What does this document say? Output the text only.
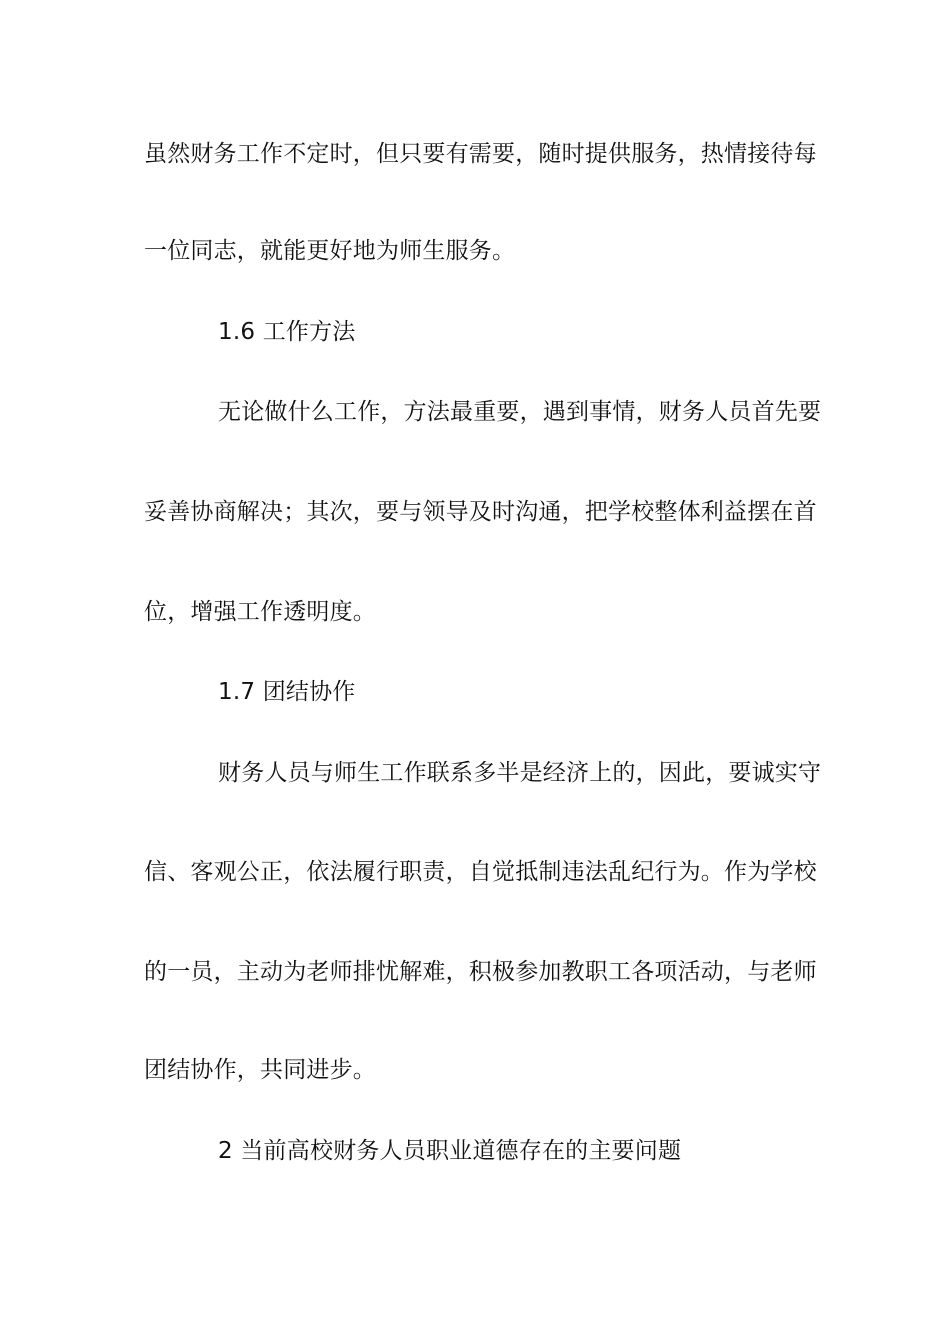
虽然财务工作不定时，但只要有需要，随时提供服务，热情接待每
一位同志，就能更好地为师生服务。
1.6 工作方法
无论做什么工作，方法最重要，遇到事情，财务人员首先要
妥善协商解决；其次，要与领导及时沟通，把学校整体利益摆在首
位，增强工作透明度。
1.7 团结协作
财务人员与师生工作联系多半是经济上的，因此，要诚实守
信、客观公正，依法履行职责，自觉抵制违法乱纪行为。作为学校
的一员，主动为老师排忧解难，积极参加教职工各项活动，与老师
团结协作，共同进步。
2 当前高校财务人员职业道德存在的主要问题
